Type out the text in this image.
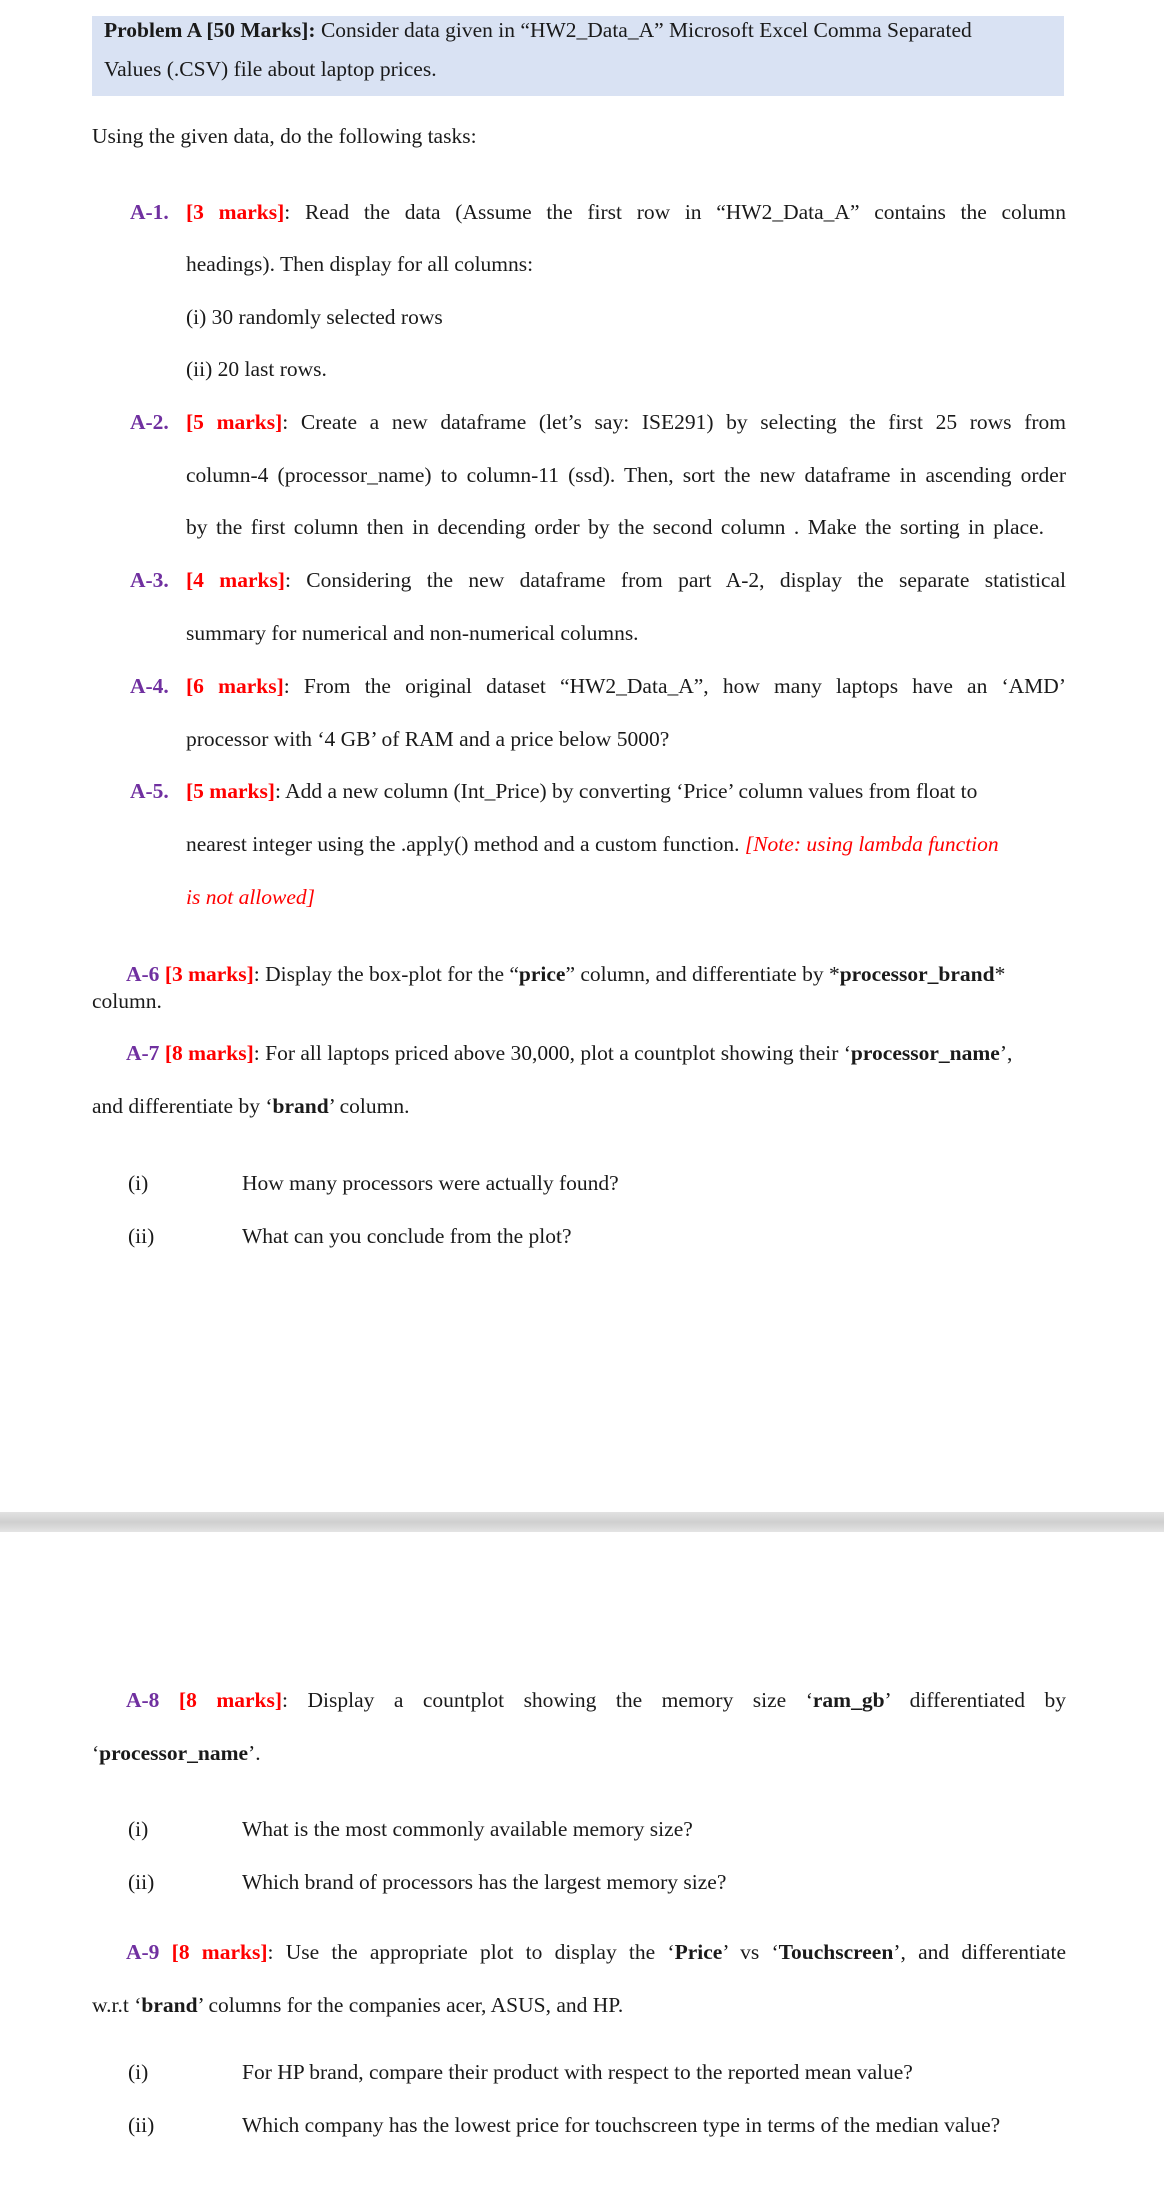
Problem A [50 Marks]: Consider data given in “HW2_Data_A” Microsoft Excel Comma Separated
Values (.CSV) file about laptop prices.
Using the given data, do the following tasks:
A-1. [3 marks]: Read the data (Assume the first row in “HW2_Data_A” contains the column
headings). Then display for all columns:
(i) 30 randomly selected rows
(ii) 20 last rows.
A-2. [5 marks]: Create a new dataframe (let’s say: ISE291) by selecting the first 25 rows from
column-4 (processor_name) to column-11 (ssd). Then, sort the new dataframe in ascending order
by the first column then in decending order by the second column . Make the sorting in place.
A-3. [4 marks]: Considering the new dataframe from part A-2, display the separate statistical
summary for numerical and non-numerical columns.
A-4. [6 marks]: From the original dataset “HW2_Data_A”, how many laptops have an ‘AMD’
processor with ‘4 GB’ of RAM and a price below 5000?
A-5. [5 marks]: Add a new column (Int_Price) by converting ‘Price’ column values from float to
nearest integer using the .apply() method and a custom function. [Note: using lambda function
is not allowed]
A-6 [3 marks]: Display the box-plot for the “price” column, and differentiate by *processor_brand*
column.
A-7 [8 marks]: For all laptops priced above 30,000, plot a countplot showing their ‘processor_name’,
and differentiate by ‘brand’ column.
(i)	How many processors were actually found?
(ii)	What can you conclude from the plot?
A-8 [8 marks]: Display a countplot showing the memory size ‘ram_gb’ differentiated by
‘processor_name’.
(i)	What is the most commonly available memory size?
(ii)	Which brand of processors has the largest memory size?
A-9 [8 marks]: Use the appropriate plot to display the ‘Price’ vs ‘Touchscreen’, and differentiate
w.r.t ‘brand’ columns for the companies acer, ASUS, and HP.
(i)	For HP brand, compare their product with respect to the reported mean value?
(ii)	Which company has the lowest price for touchscreen type in terms of the median value?
